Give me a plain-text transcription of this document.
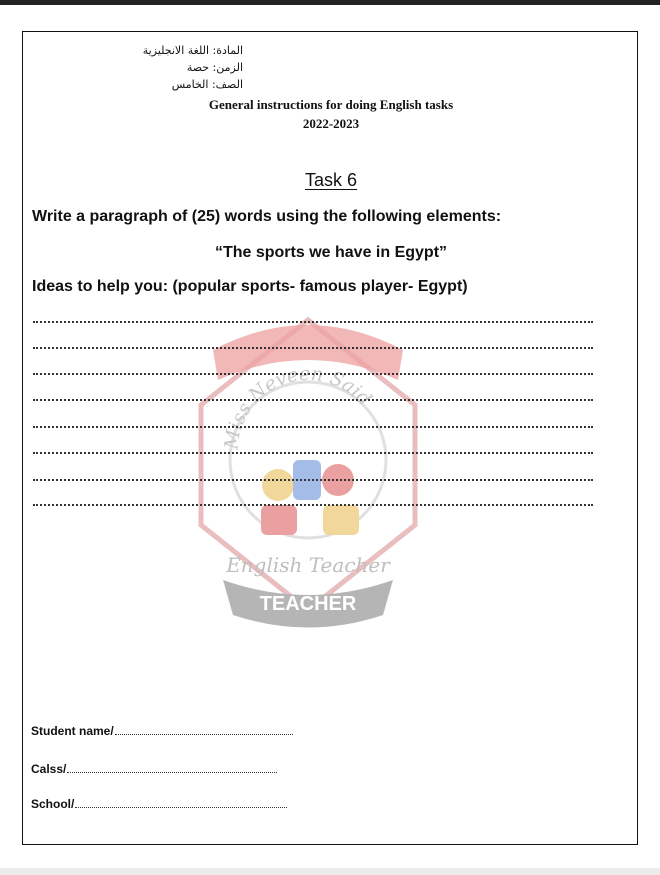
المادة: اللغة الانجليزية
الزمن: حصة
الصف: الخامس
General instructions for doing English tasks
2022-2023
Task 6
Write a paragraph of (25) words using the following elements:
“The sports we have in Egypt”
Ideas to help you: (popular sports- famous player- Egypt)
Miss Neveen Said
English Teacher
TEACHER
Student name/
Calss/
School/
